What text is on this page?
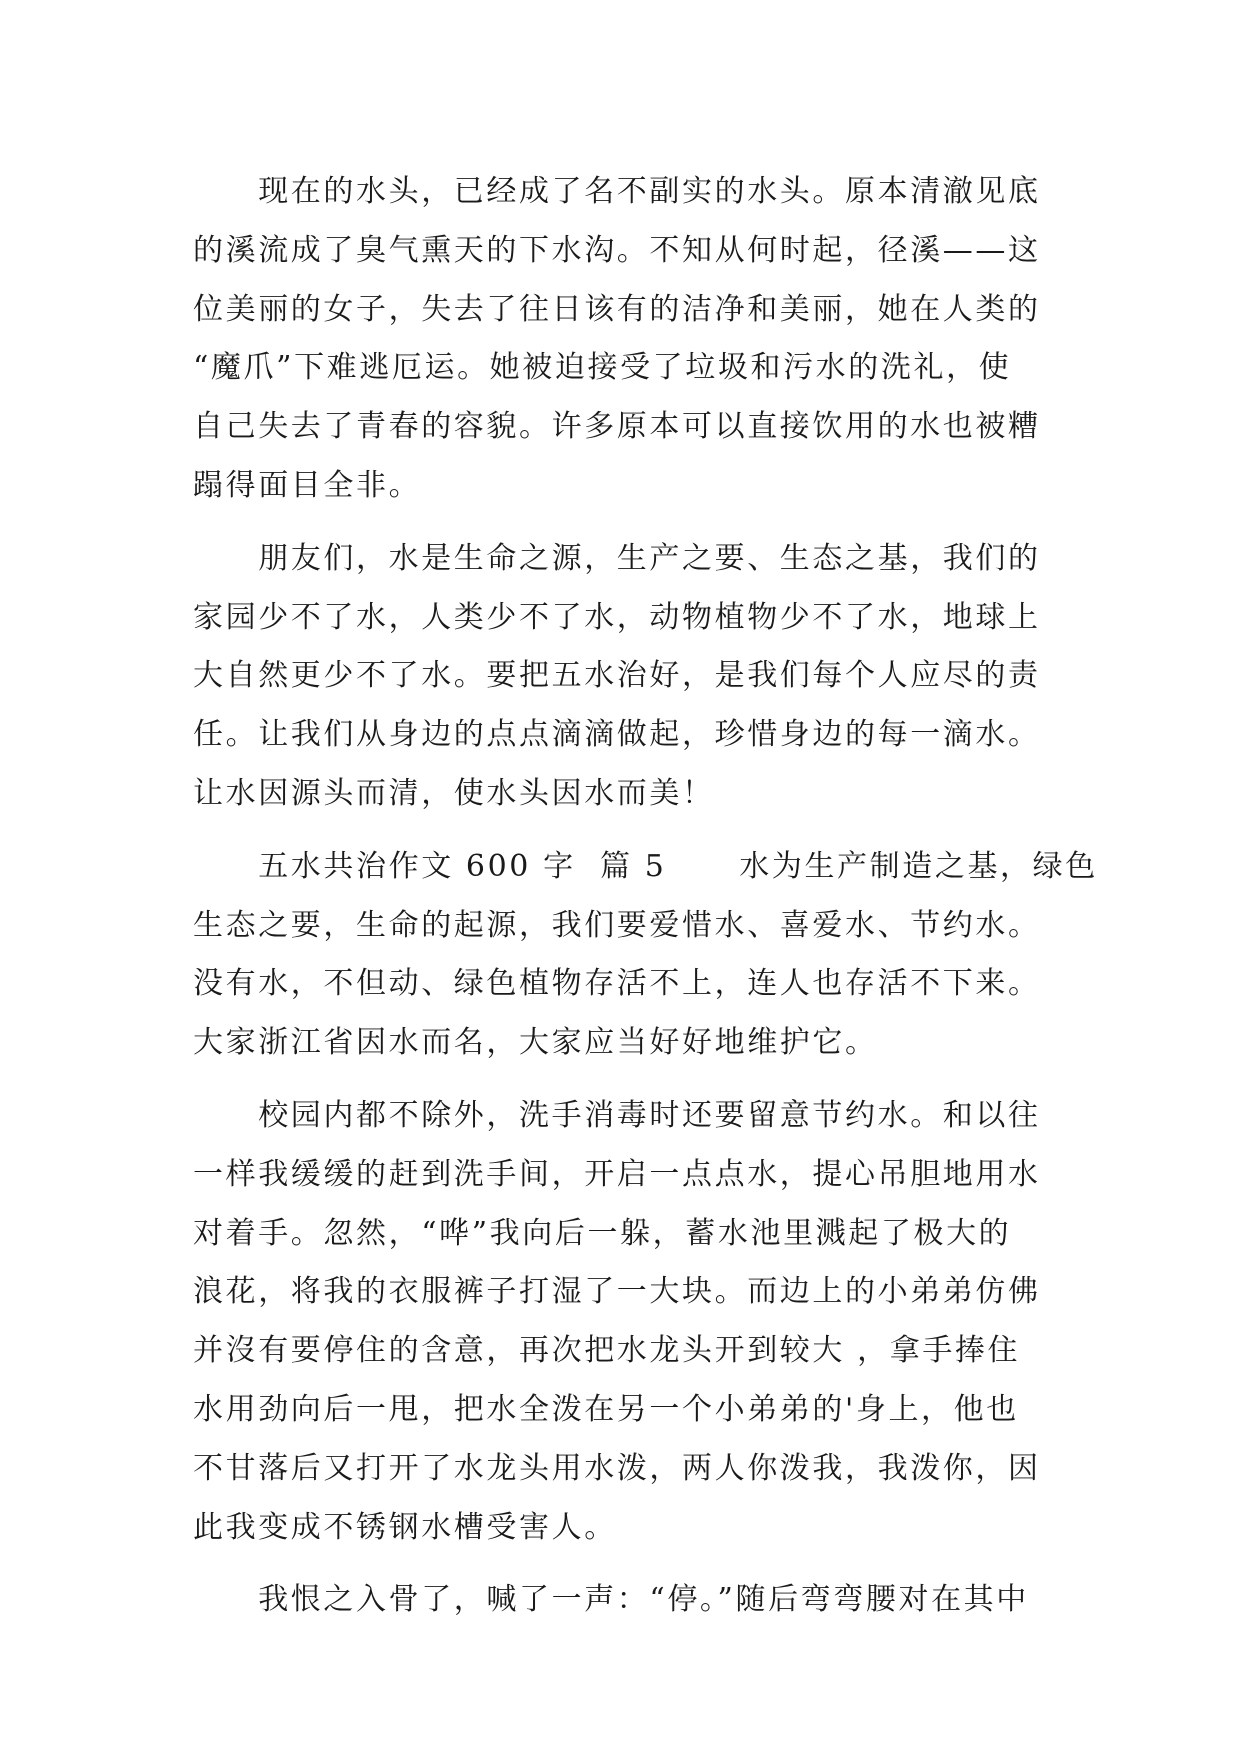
　　现在的水头，已经成了名不副实的水头。原本清澈见底
的溪流成了臭气熏天的下水沟。不知从何时起，径溪——这
位美丽的女子，失去了往日该有的洁净和美丽，她在人类的
“魔爪”下难逃厄运。她被迫接受了垃圾和污水的洗礼，使
自己失去了青春的容貌。许多原本可以直接饮用的水也被糟
蹋得面目全非。
　　朋友们，水是生命之源，生产之要、生态之基，我们的
家园少不了水，人类少不了水，动物植物少不了水，地球上
大自然更少不了水。要把五水治好，是我们每个人应尽的责
任。让我们从身边的点点滴滴做起，珍惜身边的每一滴水。
让水因源头而清，使水头因水而美！
　　五水共治作文 600 字  篇 5      水为生产制造之基，绿色
生态之要，生命的起源，我们要爱惜水、喜爱水、节约水。
没有水，不但动、绿色植物存活不上，连人也存活不下来。
大家浙江省因水而名，大家应当好好地维护它。
　　校园内都不除外，洗手消毒时还要留意节约水。和以往
一样我缓缓的赶到洗手间，开启一点点水，提心吊胆地用水
对着手。忽然，“哗”我向后一躲，蓄水池里溅起了极大的
浪花，将我的衣服裤子打湿了一大块。而边上的小弟弟仿佛
并沒有要停住的含意，再次把水龙头开到较大 ，拿手捧住
水用劲向后一甩，把水全泼在另一个小弟弟的'身上，他也
不甘落后又打开了水龙头用水泼，两人你泼我，我泼你，因
此我变成不锈钢水槽受害人。
　　我恨之入骨了，喊了一声：“停。”随后弯弯腰对在其中
